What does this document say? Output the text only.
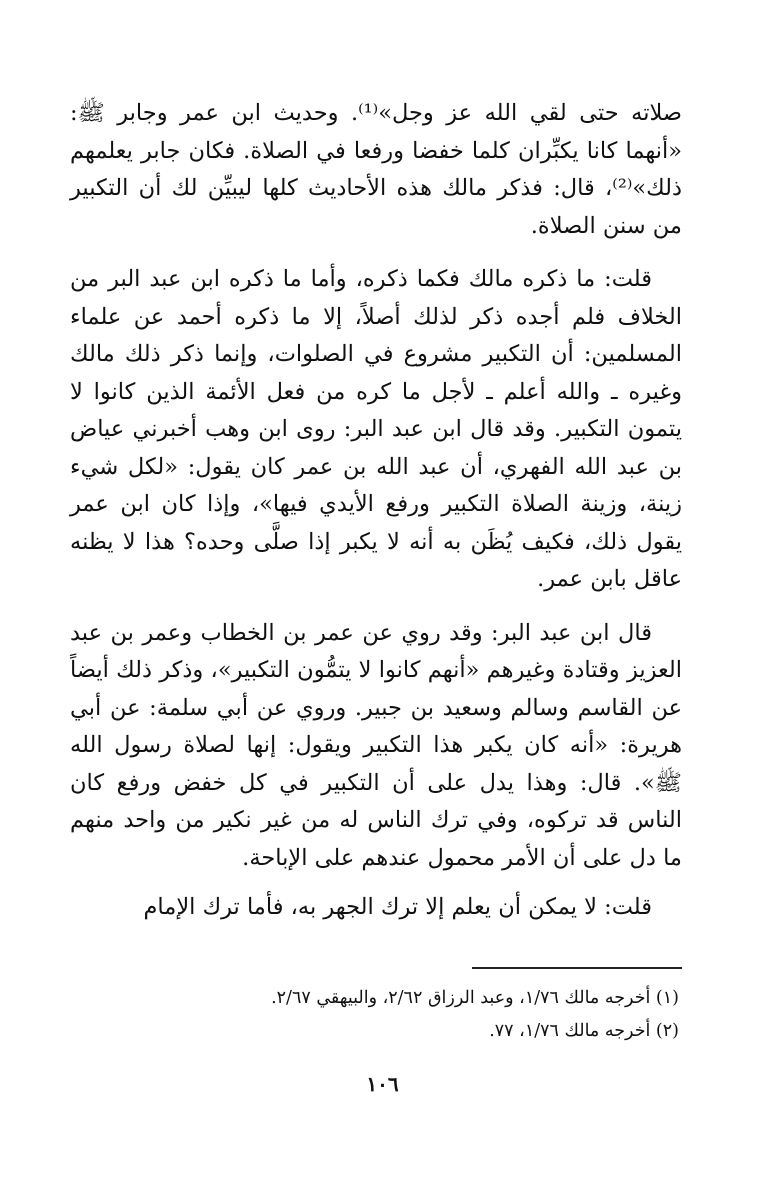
صلاته حتى لقي الله عز وجل»⁽¹⁾. وحديث ابن عمر وجابر ﷺ: «أنهما كانا يكبِّران كلما خفضا ورفعا في الصلاة. فكان جابر يعلمهم ذلك»⁽²⁾، قال: فذكر مالك هذه الأحاديث كلها ليبيِّن لك أن التكبير من سنن الصلاة.

قلت: ما ذكره مالك فكما ذكره، وأما ما ذكره ابن عبد البر من الخلاف فلم أجده ذكر لذلك أصلاً، إلا ما ذكره أحمد عن علماء المسلمين: أن التكبير مشروع في الصلوات، وإنما ذكر ذلك مالك وغيره ـ والله أعلم ـ لأجل ما كره من فعل الأئمة الذين كانوا لا يتمون التكبير. وقد قال ابن عبد البر: روى ابن وهب أخبرني عياض بن عبد الله الفهري، أن عبد الله بن عمر كان يقول: «لكل شيء زينة، وزينة الصلاة التكبير ورفع الأيدي فيها»، وإذا كان ابن عمر يقول ذلك، فكيف يُظَن به أنه لا يكبر إذا صلَّى وحده؟ هذا لا يظنه عاقل بابن عمر.

قال ابن عبد البر: وقد روي عن عمر بن الخطاب وعمر بن عبد العزيز وقتادة وغيرهم «أنهم كانوا لا يتمُّون التكبير»، وذكر ذلك أيضاً عن القاسم وسالم وسعيد بن جبير. وروي عن أبي سلمة: عن أبي هريرة: «أنه كان يكبر هذا التكبير ويقول: إنها لصلاة رسول الله ﷺ». قال: وهذا يدل على أن التكبير في كل خفض ورفع كان الناس قد تركوه، وفي ترك الناس له من غير نكير من واحد منهم ما دل على أن الأمر محمول عندهم على الإباحة.

قلت: لا يمكن أن يعلم إلا ترك الجهر به، فأما ترك الإمام

(١) أخرجه مالك ١/٧٦، وعبد الرزاق ٢/٦٢، والبيهقي ٢/٦٧.

(٢) أخرجه مالك ١/٧٦، ٧٧.

١٠٦
